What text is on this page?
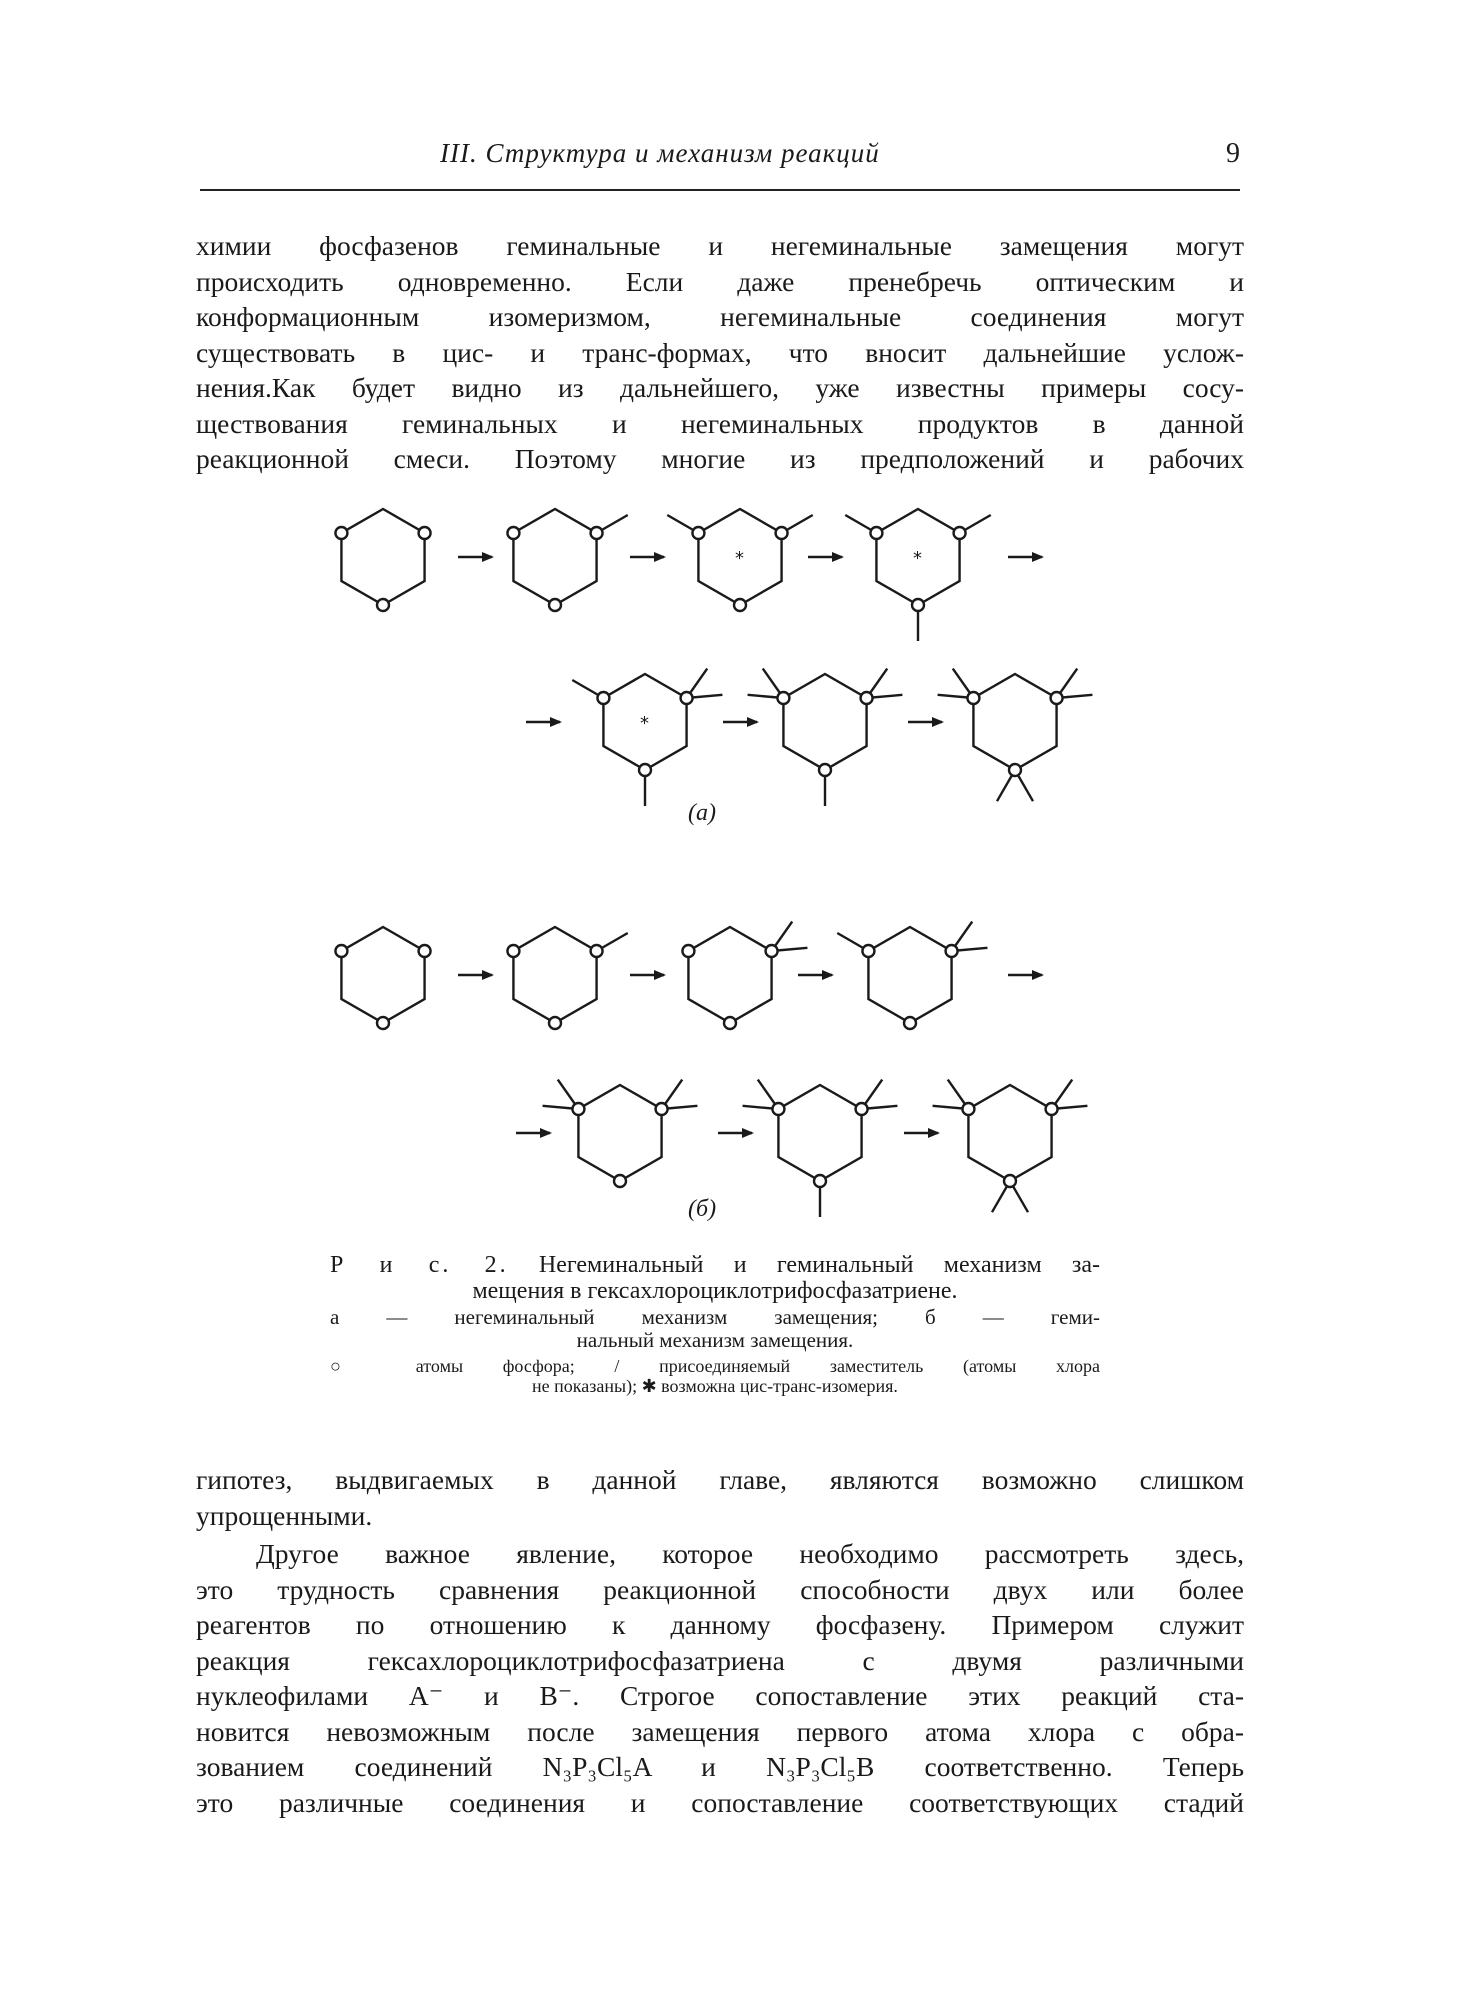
III. Структура и механизм реакций	9
химии фосфазенов геминальные и негеминальные замещения могут
происходить одновременно. Если даже пренебречь оптическим и
конформационным изомеризмом, негеминальные соединения могут
существовать в цис- и транс-формах, что вносит дальнейшие услож-
нения.Как будет видно из дальнейшего, уже известны примеры сосу-
ществования геминальных и негеминальных продуктов в данной
реакционной смеси. Поэтому многие из предположений и рабочих
*	*
*
(а)
(б)
Р и с. 2. Негеминальный и геминальный механизм за-
мещения в гексахлороциклотрифосфазатриене.
а — негеминальный механизм замещения; б — геми-
нальный механизм замещения.
○ атомы фосфора; / присоединяемый заместитель (атомы хлора
не показаны); ✱ возможна цис-транс-изомерия.
гипотез, выдвигаемых в данной главе, являются возможно слишком
упрощенными.
Другое важное явление, которое необходимо рассмотреть здесь,
это трудность сравнения реакционной способности двух или более
реагентов по отношению к данному фосфазену. Примером служит
реакция гексахлороциклотрифосфазатриена с двумя различными
нуклеофилами А⁻ и В⁻. Строгое сопоставление этих реакций ста-
новится невозможным после замещения первого атома хлора с обра-
зованием соединений N₃P₃Cl₅A и N₃P₃Cl₅B соответственно. Теперь
это различные соединения и сопоставление соответствующих стадий
